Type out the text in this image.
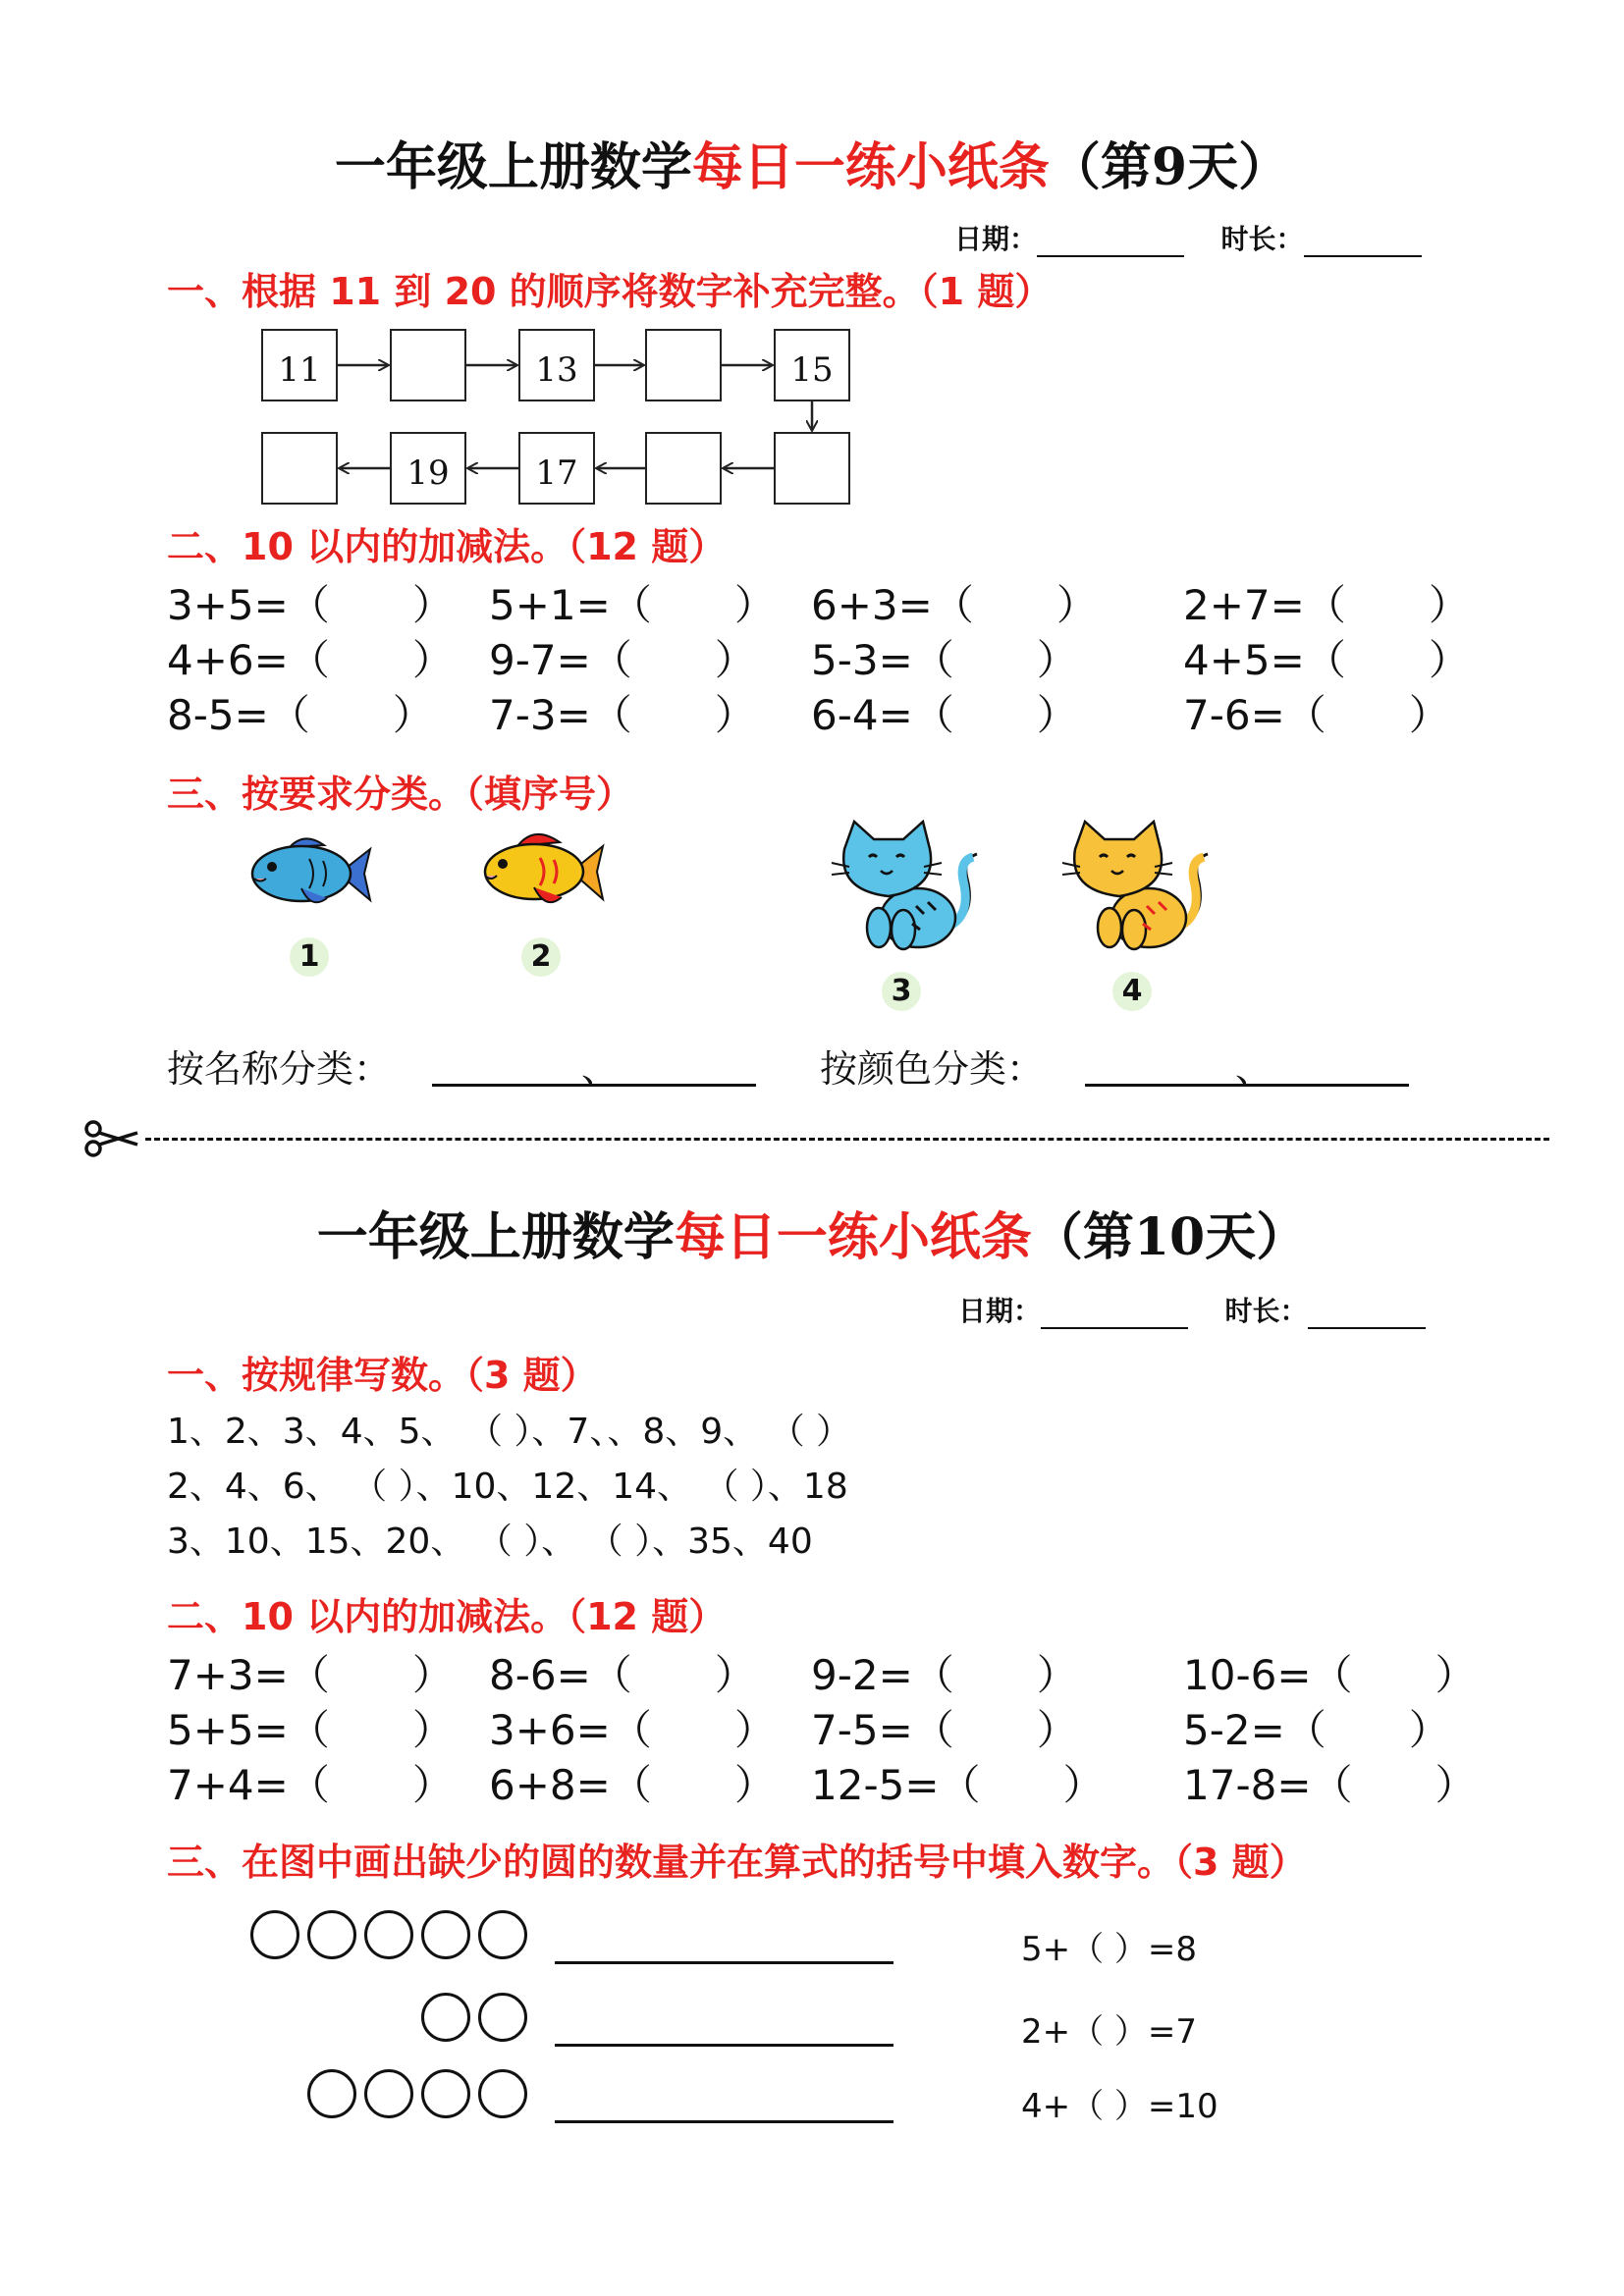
一年级上册数学每日一练小纸条（第9天）
日期：	时长：
一、根据 11 到 20 的顺序将数字补充完整。（1 题）
11	13	15
19	17
二、10 以内的加减法。（12 题）
3+5=（　　） 5+1=（　　） 6+3=（　　） 2+7=（　　）
4+6=（　　） 9-7=（　　） 5-3=（　　）	4+5=（　　）
8-5=（　　） 7-3=（　　） 6-4=（　　）	7-6=（　　）
三、按要求分类。（填序号）
1	2
3	4
按名称分类：	、	按颜色分类：	、
一年级上册数学每日一练小纸条（第10天）
日期：	时长：
一、按规律写数。（3 题）
1、2、3、4、5、 （ ）、7、、8、9、 （ ）
2、4、6、 （ ）、10、12、14、 （ ）、18
3、10、15、20、 （ ）、 （ ）、35、40
二、10 以内的加减法。（12 题）
7+3=（　　） 8-6=（　　） 9-2=（　　）	10-6=（　　）
5+5=（　　） 3+6=（　　） 7-5=（　　）	5-2=（　　）
7+4=（　　） 6+8=（　　） 12-5=（　　） 17-8=（　　）
三、在图中画出缺少的圆的数量并在算式的括号中填入数字。（3 题）
5+（ ）=8
2+（ ）=7
4+（ ）=10
